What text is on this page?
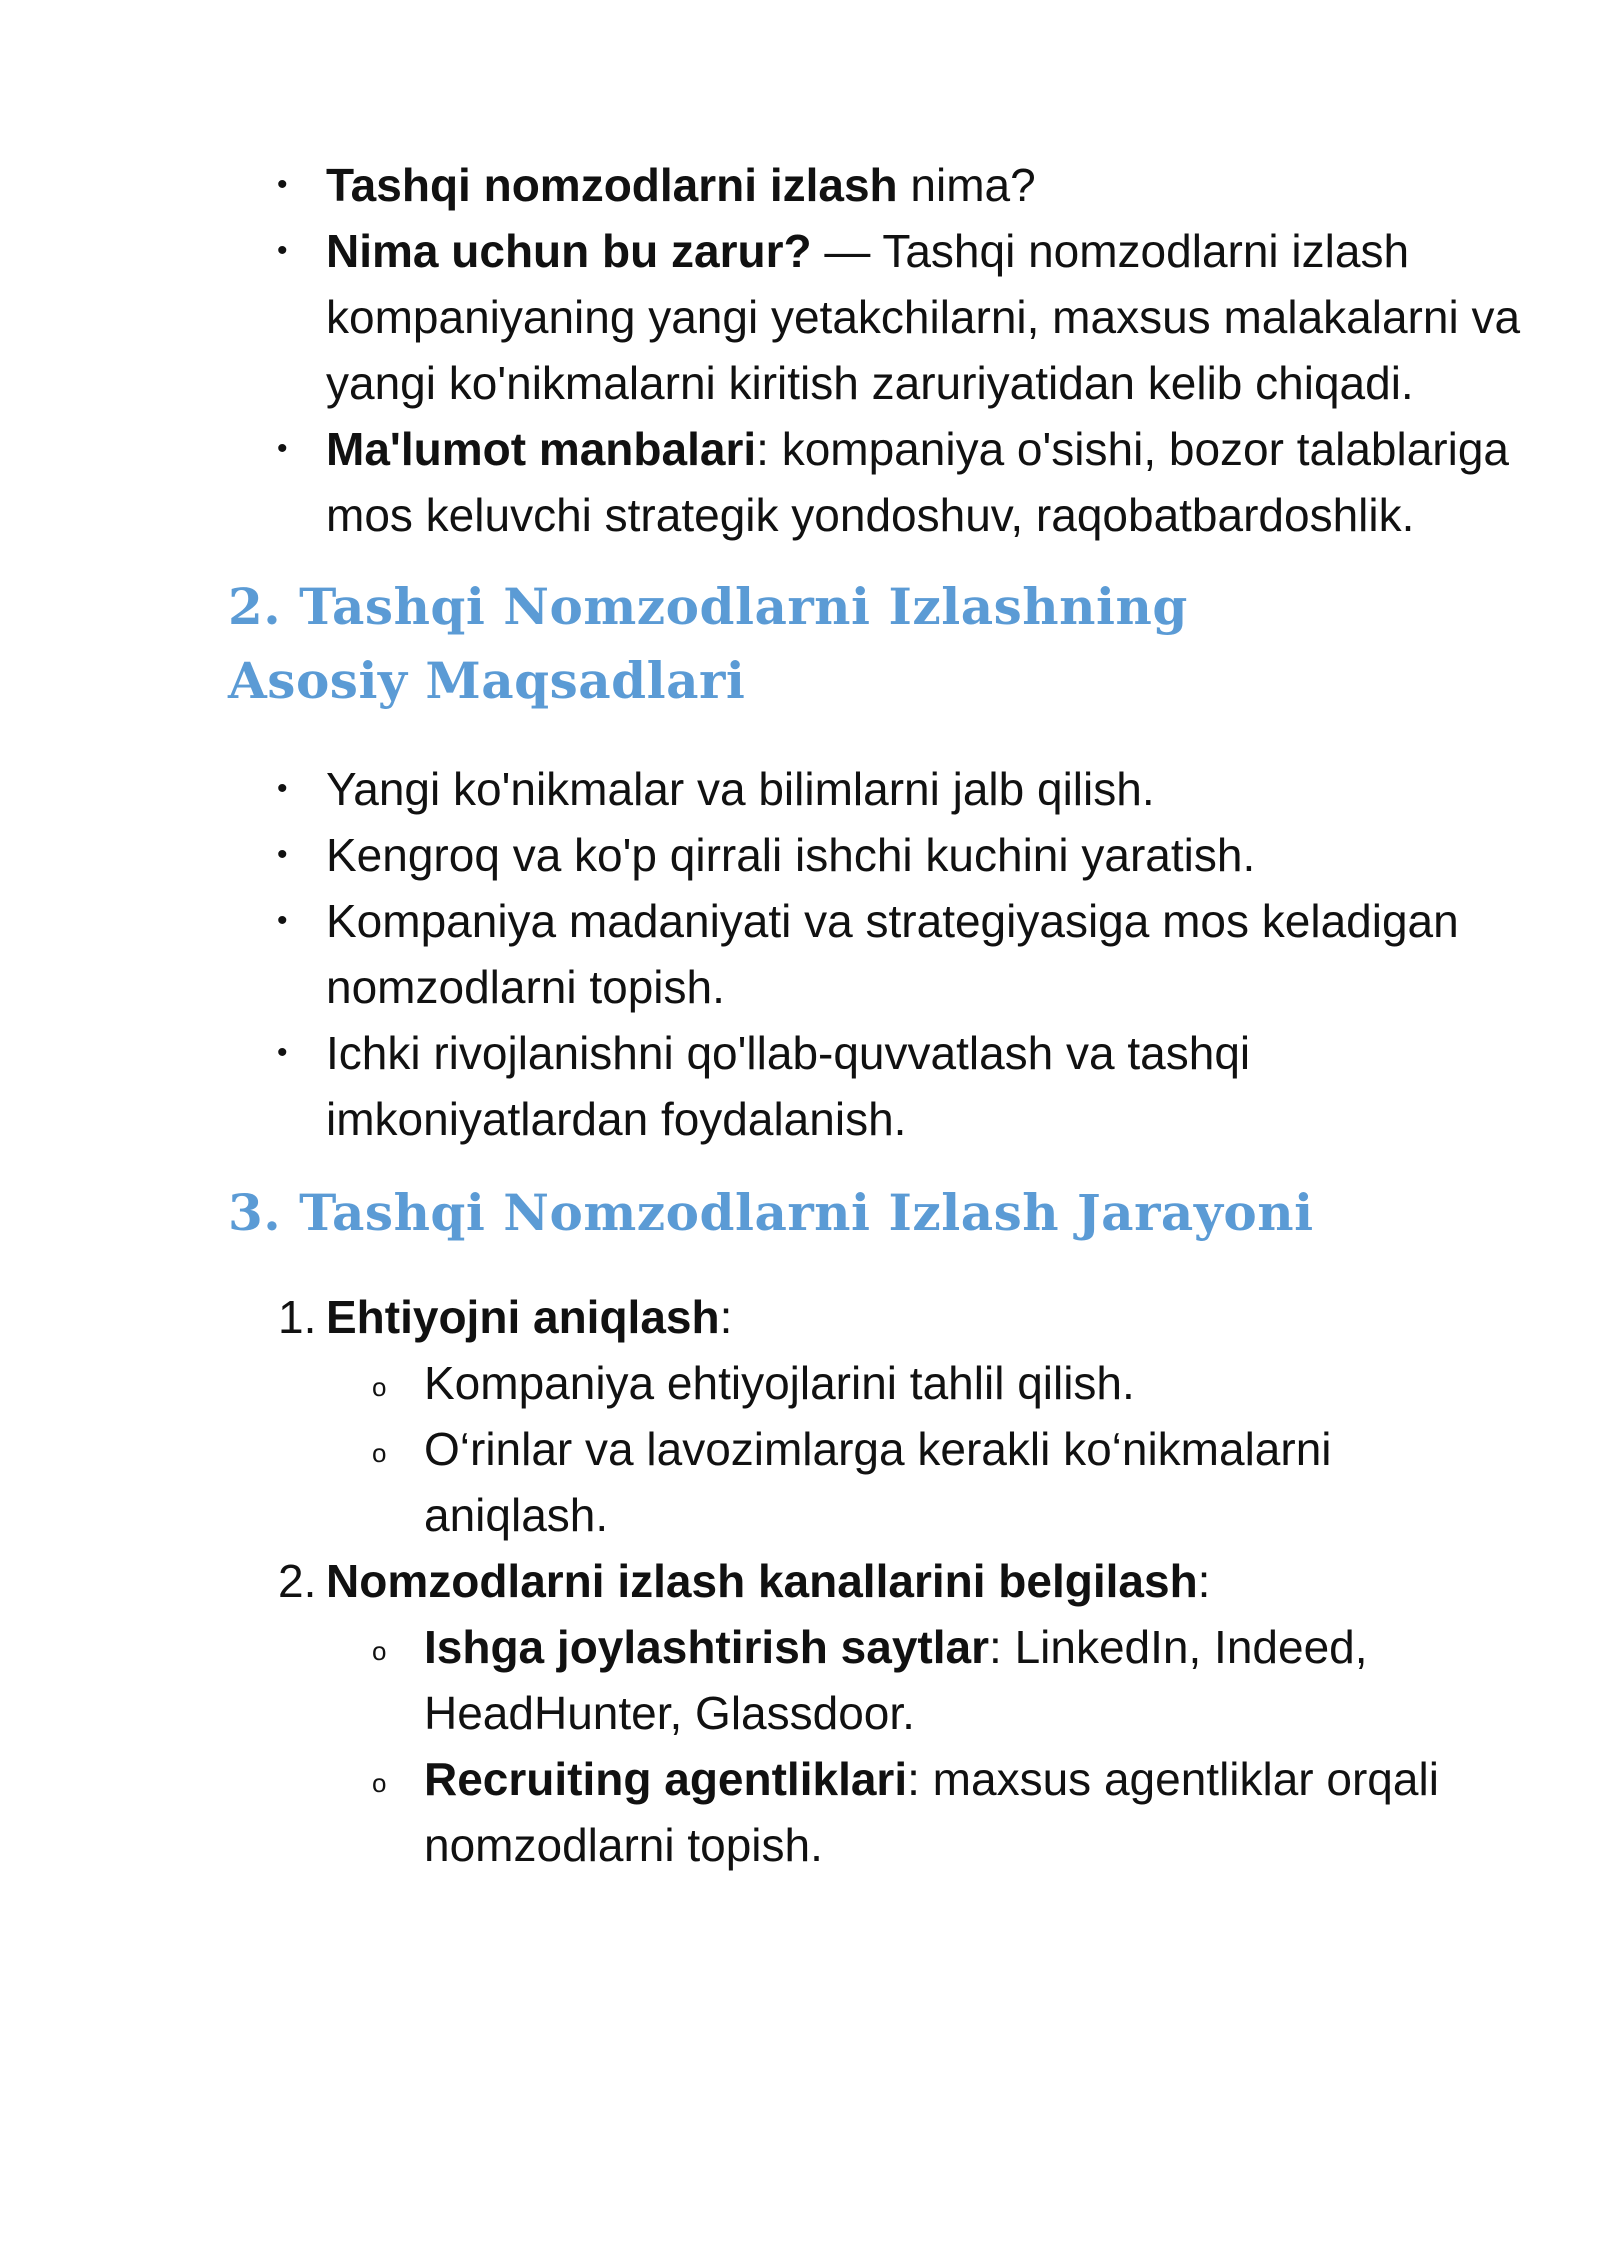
• Tashqi nomzodlarni izlash nima?
• Nima uchun bu zarur? — Tashqi nomzodlarni izlash kompaniyaning yangi yetakchilarni, maxsus malakalarni va yangi ko'nikmalarni kiritish zaruriyatidan kelib chiqadi.
• Ma'lumot manbalari: kompaniya o'sishi, bozor talablariga mos keluvchi strategik yondoshuv, raqobatbardoshlik.
2. Tashqi Nomzodlarni Izlashning Asosiy Maqsadlari
• Yangi ko'nikmalar va bilimlarni jalb qilish.
• Kengroq va ko'p qirrali ishchi kuchini yaratish.
• Kompaniya madaniyati va strategiyasiga mos keladigan nomzodlarni topish.
• Ichki rivojlanishni qo'llab-quvvatlash va tashqi imkoniyatlardan foydalanish.
3. Tashqi Nomzodlarni Izlash Jarayoni
1. Ehtiyojni aniqlash:
o Kompaniya ehtiyojlarini tahlil qilish.
o O‘rinlar va lavozimlarga kerakli ko‘nikmalarni aniqlash.
2. Nomzodlarni izlash kanallarini belgilash:
o Ishga joylashtirish saytlar: LinkedIn, Indeed, HeadHunter, Glassdoor.
o Recruiting agentliklari: maxsus agentliklar orqali nomzodlarni topish.
